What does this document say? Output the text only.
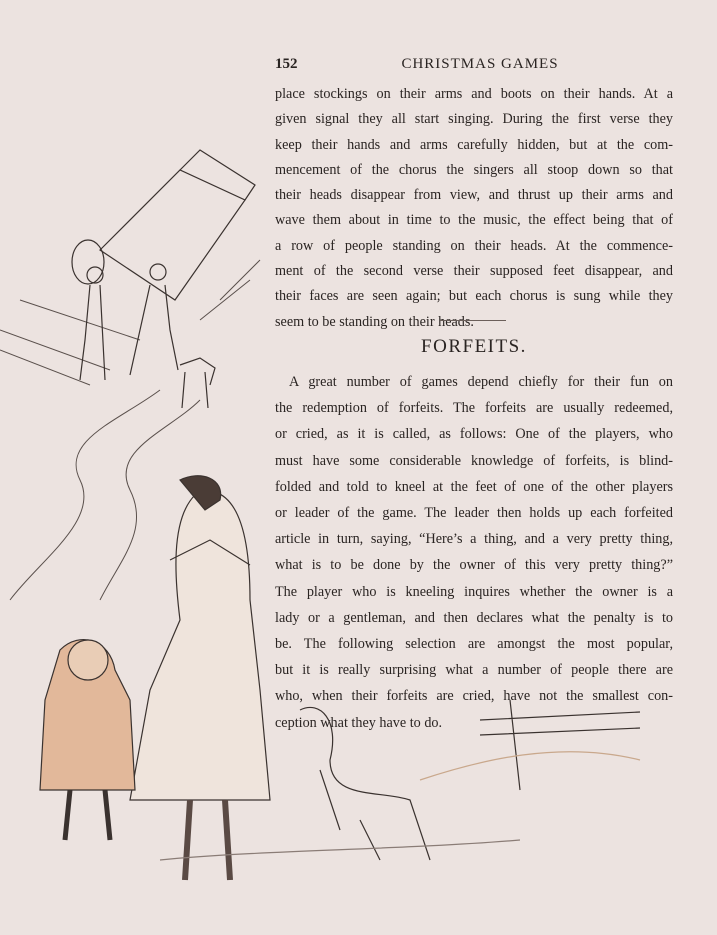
152	CHRISTMAS GAMES
place stockings on their arms and boots on their hands. At a
given signal they all start singing. During the first verse they
keep their hands and arms carefully hidden, but at the com-
mencement of the chorus the singers all stoop down so that
their heads disappear from view, and thrust up their arms and
wave them about in time to the music, the effect being that of
a row of people standing on their heads. At the commence-
ment of the second verse their supposed feet disappear, and
their faces are seen again; but each chorus is sung while they
seem to be standing on their heads.
FORFEITS.
A great number of games depend chiefly for their fun on
the redemption of forfeits. The forfeits are usually redeemed,
or cried, as it is called, as follows: One of the players, who
must have some considerable knowledge of forfeits, is blind-
folded and told to kneel at the feet of one of the other players
or leader of the game. The leader then holds up each forfeited
article in turn, saying, “Here’s a thing, and a very pretty thing,
what is to be done by the owner of this very pretty thing?”
The player who is kneeling inquires whether the owner is a
lady or a gentleman, and then declares what the penalty is to
be. The following selection are amongst the most popular,
but it is really surprising what a number of people there are
who, when their forfeits are cried, have not the smallest con-
ception what they have to do.
